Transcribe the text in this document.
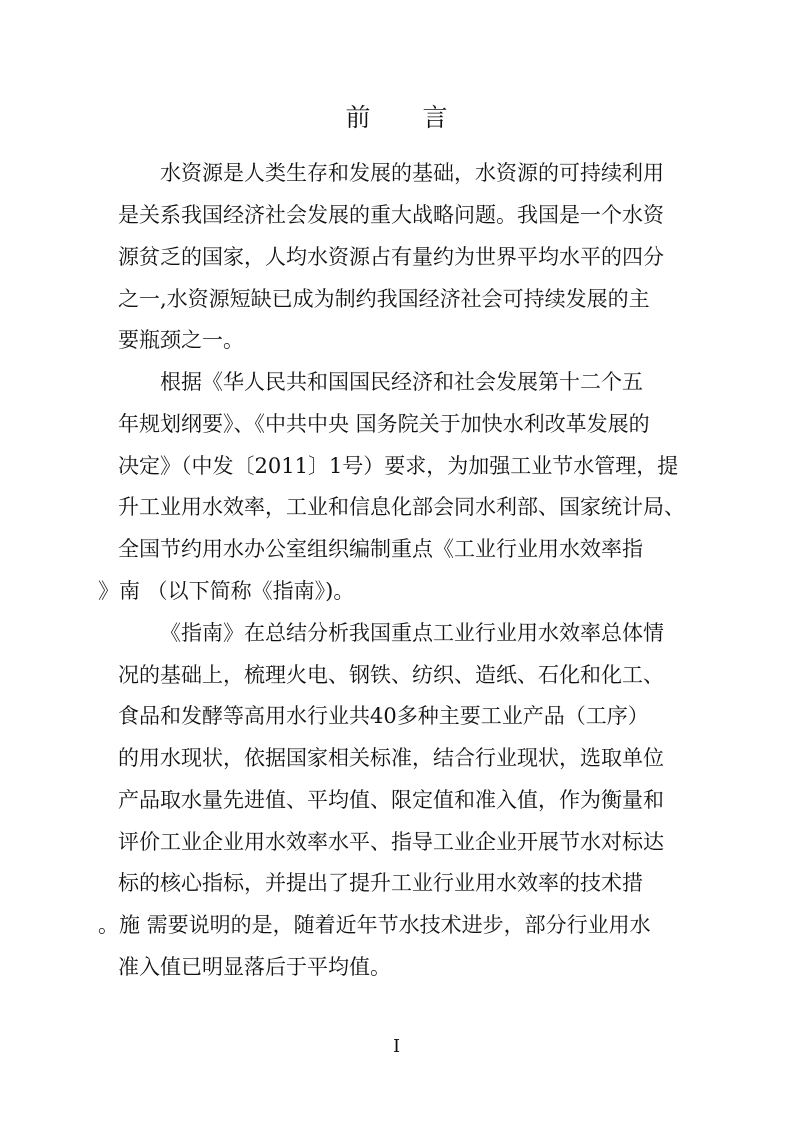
前 言
水资源是人类生存和发展的基础，水资源的可持续利用
是关系我国经济社会发展的重大战略问题。我国是一个水资
源贫乏的国家，人均水资源占有量约为世界平均水平的四分
之一,水资源短缺已成为制约我国经济社会可持续发展的主
要瓶颈之一。
根据《华人民共和国国民经济和社会发展第十二个五
年规划纲要》、《中共中央 国务院关于加快水利改革发展的
决定》（中发〔2011〕1号）要求，为加强工业节水管理，提
升工业用水效率，工业和信息化部会同水利部、国家统计局、
全国节约用水办公室组织编制重点《工业行业用水效率指
》南 （以下简称《指南》)。
《指南》在总结分析我国重点工业行业用水效率总体情
况的基础上，梳理火电、钢铁、纺织、造纸、石化和化工、
食品和发酵等高用水行业共40多种主要工业产品（工序）
的用水现状，依据国家相关标准，结合行业现状，选取单位
产品取水量先进值、平均值、限定值和准入值，作为衡量和
评价工业企业用水效率水平、指导工业企业开展节水对标达
标的核心指标，并提出了提升工业行业用水效率的技术措
。施 需要说明的是，随着近年节水技术进步，部分行业用水
准入值已明显落后于平均值。
I
